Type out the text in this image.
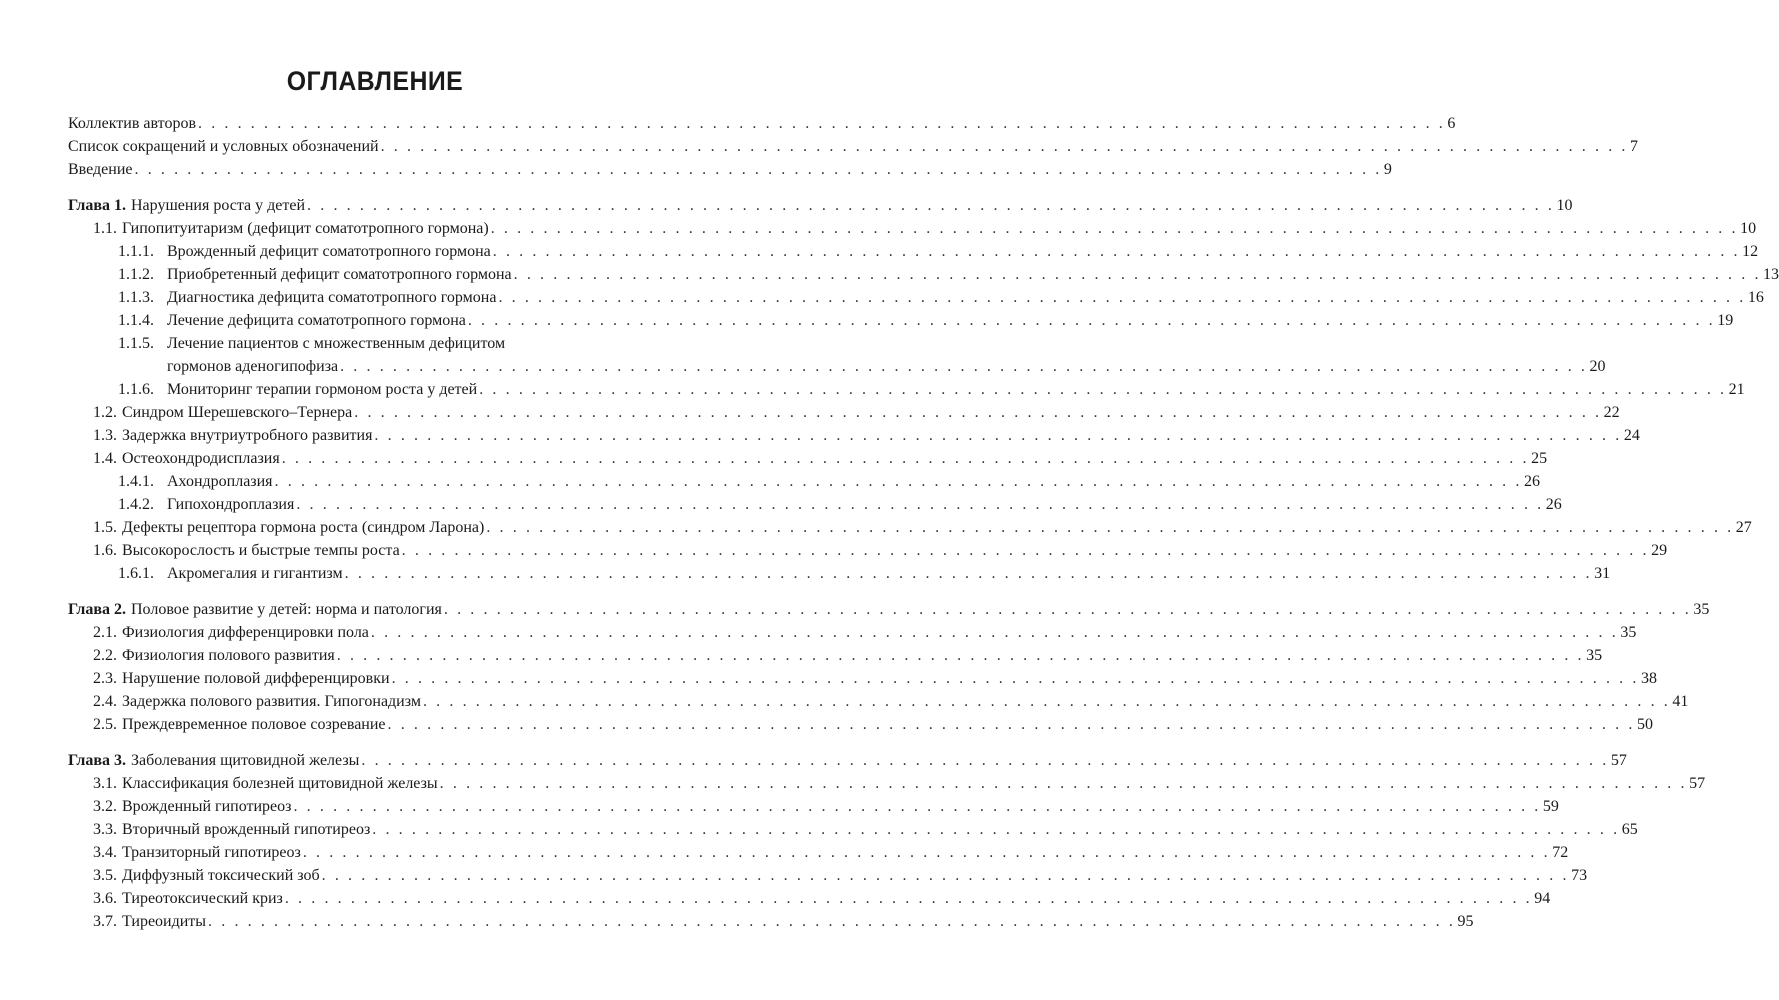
ОГЛАВЛЕНИЕ
Коллектив авторов . . .	6
Список сокращений и условных обозначений . . .	7
Введение . . .	9
Глава 1. Нарушения роста у детей . . .	10
1.1. Гипопитуитаризм (дефицит соматотропного гормона) . . .	10
1.1.1. Врожденный дефицит соматотропного гормона . . .	12
1.1.2. Приобретенный дефицит соматотропного гормона . . .	13
1.1.3. Диагностика дефицита соматотропного гормона . . .	16
1.1.4. Лечение дефицита соматотропного гормона . . .	19
1.1.5. Лечение пациентов с множественным дефицитом
гормонов аденогипофиза . . .	20
1.1.6. Мониторинг терапии гормоном роста у детей . . .	21
1.2. Синдром Шерешевского–Тернера . . .	22
1.3. Задержка внутриутробного развития . . .	24
1.4. Остеохондродисплазия . . .	25
1.4.1. Ахондроплазия . . .	26
1.4.2. Гипохондроплазия . . .	26
1.5. Дефекты рецептора гормона роста (синдром Ларона) . . .	27
1.6. Высокорослость и быстрые темпы роста . . .	29
1.6.1. Акромегалия и гигантизм . . .	31
Глава 2. Половое развитие у детей: норма и патология . . .	35
2.1. Физиология дифференцировки пола . . .	35
2.2. Физиология полового развития . . .	35
2.3. Нарушение половой дифференцировки . . .	38
2.4. Задержка полового развития. Гипогонадизм . . .	41
2.5. Преждевременное половое созревание . . .	50
Глава 3. Заболевания щитовидной железы . . .	57
3.1. Классификация болезней щитовидной железы . . .	57
3.2. Врожденный гипотиреоз . . .	59
3.3. Вторичный врожденный гипотиреоз . . .	65
3.4. Транзиторный гипотиреоз . . .	72
3.5. Диффузный токсический зоб . . .	73
3.6. Тиреотоксический криз . . .	94
3.7. Тиреоидиты . . .	95
